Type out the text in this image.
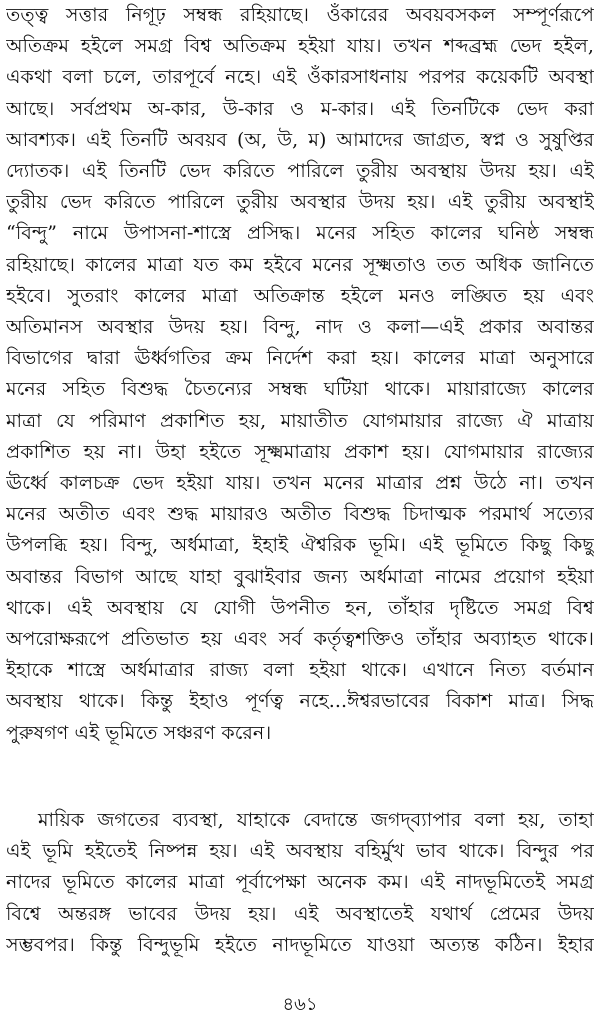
তত্ত্ব সত্তার নিগূঢ় সম্বন্ধ রহিয়াছে। ওঁকারের অবয়বসকল সম্পূর্ণরূপে
অতিক্রম হইলে সমগ্র বিশ্ব অতিক্রম হইয়া যায়। তখন শব্দব্রহ্ম ভেদ হইল,
একথা বলা চলে, তারপূর্বে নহে। এই ওঁকারসাধনায় পরপর কয়েকটি অবস্থা
আছে। সর্বপ্রথম অ-কার, উ-কার ও ম-কার। এই তিনটিকে ভেদ করা
আবশ্যক। এই তিনটি অবয়ব (অ, উ, ম) আমাদের জাগ্রত, স্বপ্ন ও সুষুপ্তির
দ্যোতক। এই তিনটি ভেদ করিতে পারিলে তুরীয় অবস্থায় উদয় হয়। এই
তুরীয় ভেদ করিতে পারিলে তুরীয় অবস্থার উদয় হয়। এই তুরীয় অবস্থাই
“বিন্দু” নামে উপাসনা-শাস্ত্রে প্রসিদ্ধ। মনের সহিত কালের ঘনিষ্ঠ সম্বন্ধ
রহিয়াছে। কালের মাত্রা যত কম হইবে মনের সূক্ষ্মতাও তত অধিক জানিতে
হইবে। সুতরাং কালের মাত্রা অতিক্রান্ত হইলে মনও লঙ্ঘিত হয় এবং
অতিমানস অবস্থার উদয় হয়। বিন্দু, নাদ ও কলা—এই প্রকার অবান্তর
বিভাগের দ্বারা ঊর্ধ্বগতির ক্রম নির্দেশ করা হয়। কালের মাত্রা অনুসারে
মনের সহিত বিশুদ্ধ চৈতন্যের সম্বন্ধ ঘটিয়া থাকে। মায়ারাজ্যে কালের
মাত্রা যে পরিমাণ প্রকাশিত হয়, মায়াতীত যোগমায়ার রাজ্যে ঐ মাত্রায়
প্রকাশিত হয় না। উহা হইতে সূক্ষ্মমাত্রায় প্রকাশ হয়। যোগমায়ার রাজ্যের
ঊর্ধ্বে কালচক্র ভেদ হইয়া যায়। তখন মনের মাত্রার প্রশ্ন উঠে না। তখন
মনের অতীত এবং শুদ্ধ মায়ারও অতীত বিশুদ্ধ চিদাত্মক পরমার্থ সত্যের
উপলব্ধি হয়। বিন্দু, অর্ধমাত্রা, ইহাই ঐশ্বরিক ভূমি। এই ভূমিতে কিছু কিছু
অবান্তর বিভাগ আছে যাহা বুঝাইবার জন্য অর্ধমাত্রা নামের প্রয়োগ হইয়া
থাকে। এই অবস্থায় যে যোগী উপনীত হন, তাঁহার দৃষ্টিতে সমগ্র বিশ্ব
অপরোক্ষরূপে প্রতিভাত হয় এবং সর্ব কর্তৃত্বশক্তিও তাঁহার অব্যাহত থাকে।
ইহাকে শাস্ত্রে অর্ধমাত্রার রাজ্য বলা হইয়া থাকে। এখানে নিত্য বর্তমান
অবস্থায় থাকে। কিন্তু ইহাও পূর্ণত্ব নহে...ঈশ্বরভাবের বিকাশ মাত্র। সিদ্ধ
পুরুষগণ এই ভূমিতে সঞ্চরণ করেন।
মায়িক জগতের ব্যবস্থা, যাহাকে বেদান্তে জগদ্‌ব্যাপার বলা হয়, তাহা
এই ভূমি হইতেই নিষ্পন্ন হয়। এই অবস্থায় বহির্মুখ ভাব থাকে। বিন্দুর পর
নাদের ভূমিতে কালের মাত্রা পূর্বাপেক্ষা অনেক কম। এই নাদভূমিতেই সমগ্র
বিশ্বে অন্তরঙ্গ ভাবের উদয় হয়। এই অবস্থাতেই যথার্থ প্রেমের উদয়
সম্ভবপর। কিন্তু বিন্দুভূমি হইতে নাদভূমিতে যাওয়া অত্যন্ত কঠিন। ইহার
৪৬১
